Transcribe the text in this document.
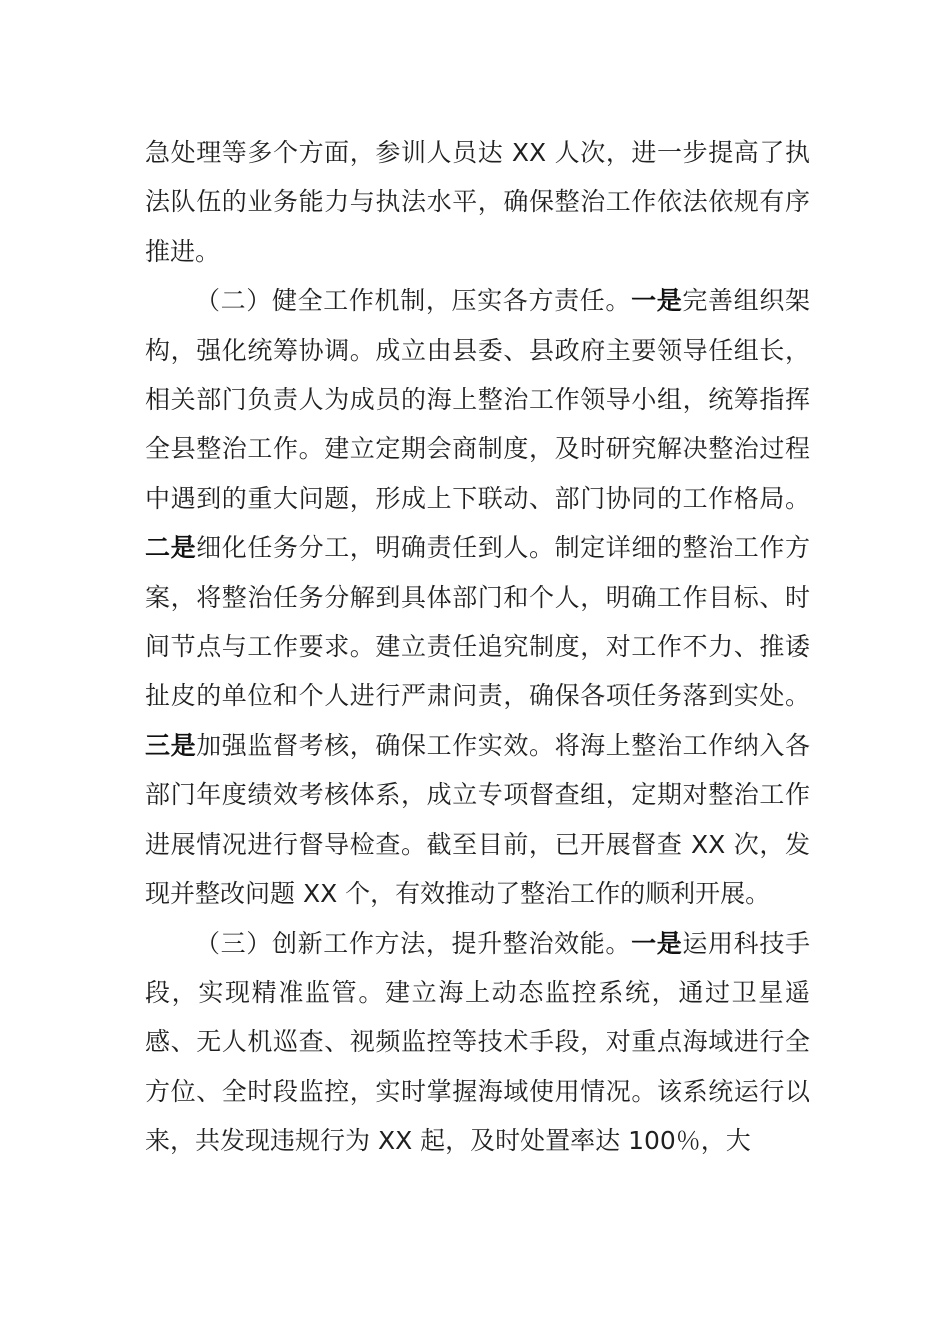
急处理等多个方面，参训人员达 XX 人次，进一步提高了执法队伍的业务能力与执法水平，确保整治工作依法依规有序推进。

（二）健全工作机制，压实各方责任。一是完善组织架构，强化统筹协调。成立由县委、县政府主要领导任组长，相关部门负责人为成员的海上整治工作领导小组，统筹指挥全县整治工作。建立定期会商制度，及时研究解决整治过程中遇到的重大问题，形成上下联动、部门协同的工作格局。二是细化任务分工，明确责任到人。制定详细的整治工作方案，将整治任务分解到具体部门和个人，明确工作目标、时间节点与工作要求。建立责任追究制度，对工作不力、推诿扯皮的单位和个人进行严肃问责，确保各项任务落到实处。三是加强监督考核，确保工作实效。将海上整治工作纳入各部门年度绩效考核体系，成立专项督查组，定期对整治工作进展情况进行督导检查。截至目前，已开展督查 XX 次，发现并整改问题 XX 个，有效推动了整治工作的顺利开展。

（三）创新工作方法，提升整治效能。一是运用科技手段，实现精准监管。建立海上动态监控系统，通过卫星遥感、无人机巡查、视频监控等技术手段，对重点海域进行全方位、全时段监控，实时掌握海域使用情况。该系统运行以来，共发现违规行为 XX 起，及时处置率达 100％，大
